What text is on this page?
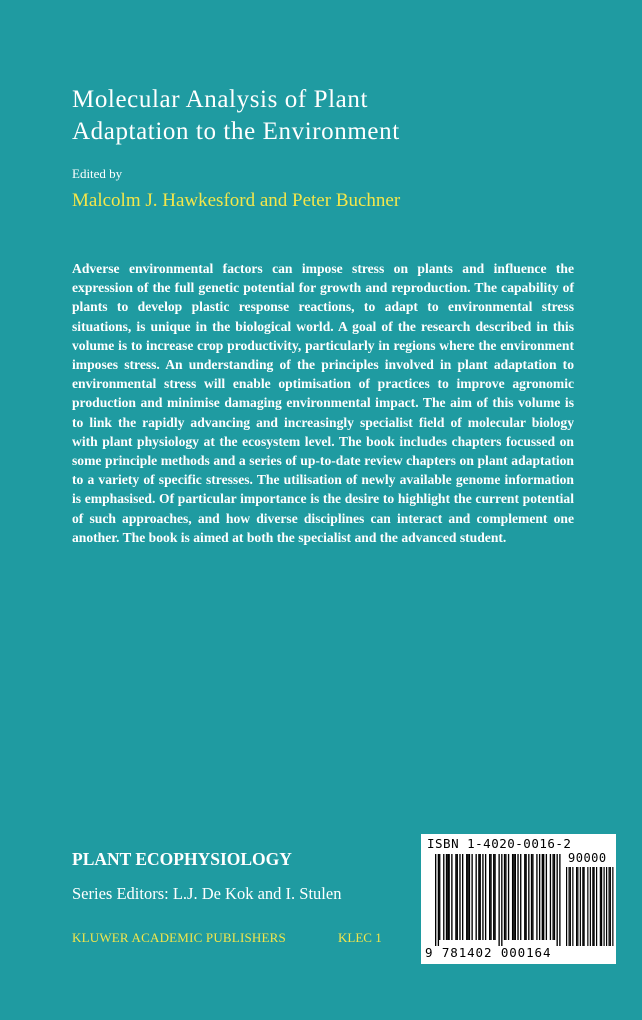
Molecular Analysis of Plant
Adaptation to the Environment
Edited by
Malcolm J. Hawkesford and Peter Buchner
Adverse environmental factors can impose stress on plants and influence the expression of the full genetic potential for growth and reproduction. The capability of plants to develop plastic response reactions, to adapt to environmental stress situations, is unique in the biological world. A goal of the research described in this volume is to increase crop productivity, particularly in regions where the environment imposes stress. An understanding of the principles involved in plant adaptation to environmental stress will enable optimisation of practices to improve agronomic production and minimise damaging environmental impact. The aim of this volume is to link the rapidly advancing and increasingly specialist field of molecular biology with plant physiology at the ecosystem level. The book includes chapters focussed on some principle methods and a series of up-to-date review chapters on plant adaptation to a variety of specific stresses. The utilisation of newly available genome information is emphasised. Of particular importance is the desire to highlight the current potential of such approaches, and how diverse disciplines can interact and complement one another. The book is aimed at both the specialist and the advanced student.
PLANT ECOPHYSIOLOGY
Series Editors: L.J. De Kok and I. Stulen
KLUWER ACADEMIC PUBLISHERS	KLEC 1
ISBN 1-4020-0016-2
90000
9 781402 000164
